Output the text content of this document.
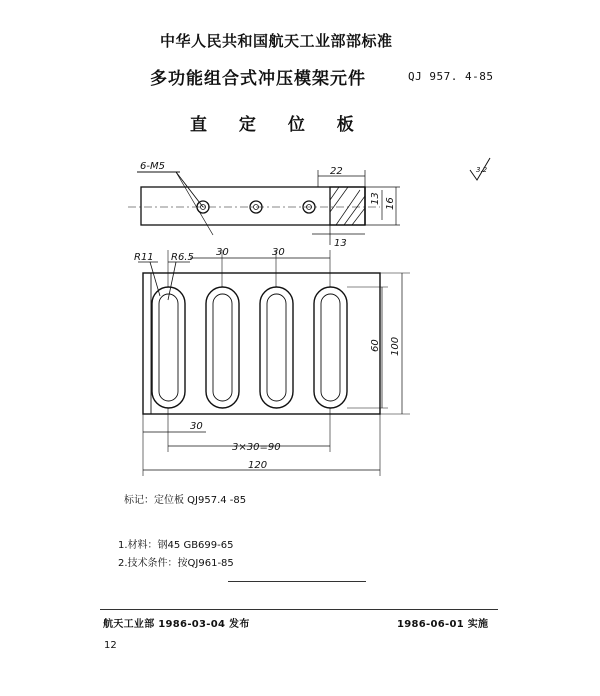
中华人民共和国航天工业部部标准
多功能组合式冲压模架元件	QJ 957. 4-85
直 定 位 板
6-M5	22
13 16
13
R11 R6.5 30	30
60 100
30
3×30=90
120
3.2
标记：定位板 QJ957.4 -85
1.材料：钢45 GB699-65
2.技术条件：按QJ961-85
航天工业部 1986-03-04 发布	1986-06-01 实施
12
